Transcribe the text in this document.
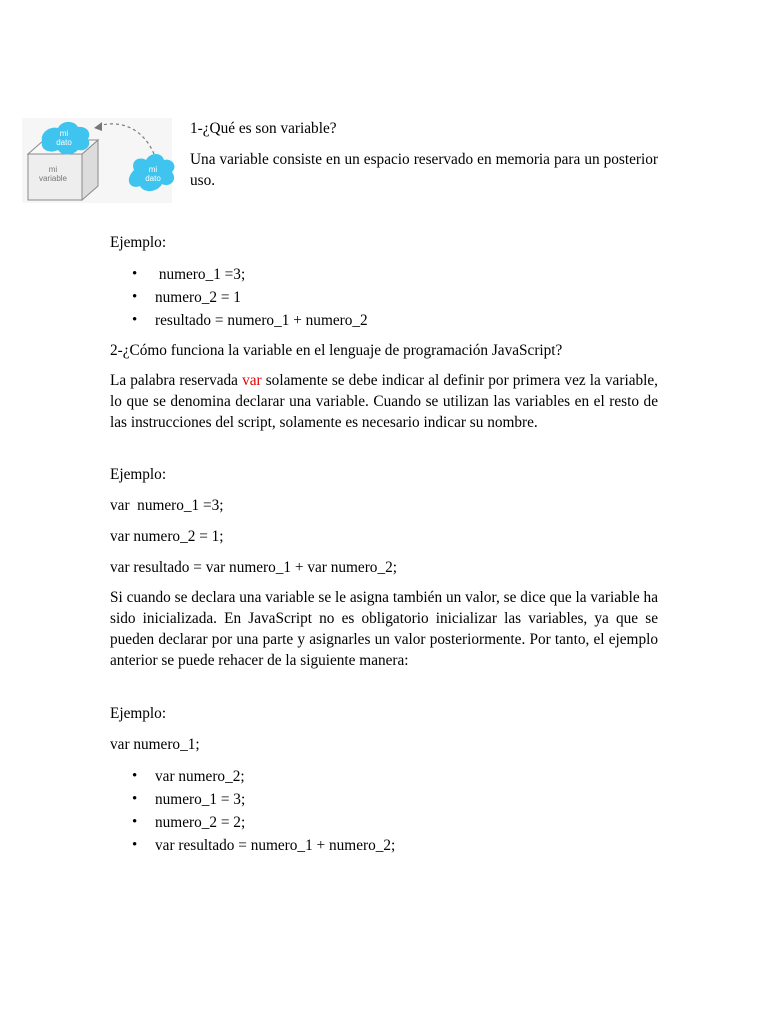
mi dato
mi variable
mi dato
1-¿Qué es son variable?
Una variable consiste en un espacio reservado en memoria para un posterior uso.
Ejemplo:
•  numero_1 =3;
• numero_2 = 1
• resultado = numero_1 + numero_2
2-¿Cómo funciona la variable en el lenguaje de programación JavaScript?
La palabra reservada var solamente se debe indicar al definir por primera vez la variable, lo que se denomina declarar una variable. Cuando se utilizan las variables en el resto de las instrucciones del script, solamente es necesario indicar su nombre.
Ejemplo:
var  numero_1 =3;
var numero_2 = 1;
var resultado = var numero_1 + var numero_2;
Si cuando se declara una variable se le asigna también un valor, se dice que la variable ha sido inicializada. En JavaScript no es obligatorio inicializar las variables, ya que se pueden declarar por una parte y asignarles un valor posteriormente. Por tanto, el ejemplo anterior se puede rehacer de la siguiente manera:
Ejemplo:
var numero_1;
• var numero_2;
• numero_1 = 3;
• numero_2 = 2;
• var resultado = numero_1 + numero_2;
